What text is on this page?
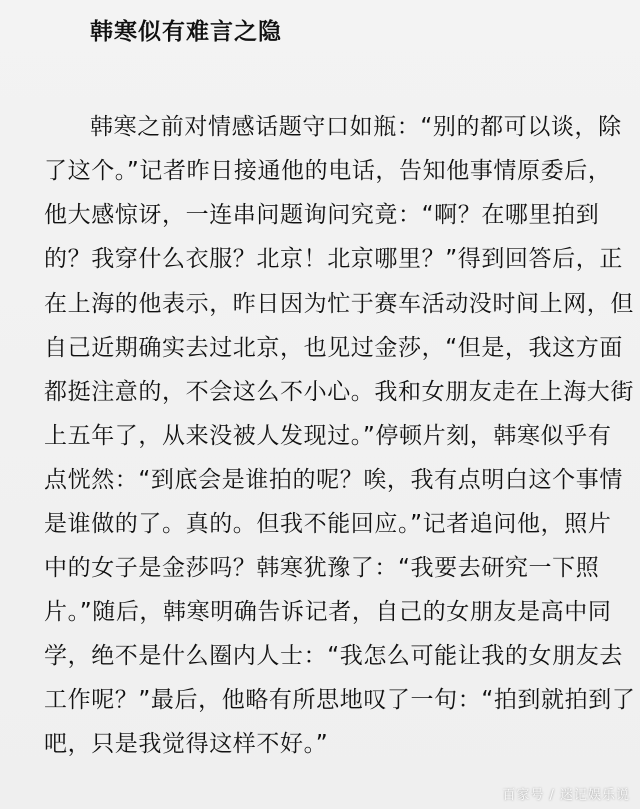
韩寒似有难言之隐
韩寒之前对情感话题守口如瓶：“别的都可以谈，除
了这个。”记者昨日接通他的电话，告知他事情原委后，
他大感惊讶，一连串问题询问究竟：“啊？在哪里拍到
的？我穿什么衣服？北京！北京哪里？”得到回答后，正
在上海的他表示，昨日因为忙于赛车活动没时间上网，但
自己近期确实去过北京，也见过金莎，“但是，我这方面
都挺注意的，不会这么不小心。我和女朋友走在上海大街
上五年了，从来没被人发现过。”停顿片刻，韩寒似乎有
点恍然：“到底会是谁拍的呢？唉，我有点明白这个事情
是谁做的了。真的。但我不能回应。”记者追问他，照片
中的女子是金莎吗？韩寒犹豫了：“我要去研究一下照
片。”随后，韩寒明确告诉记者，自己的女朋友是高中同
学，绝不是什么圈内人士：“我怎么可能让我的女朋友去
工作呢？”最后，他略有所思地叹了一句：“拍到就拍到了
吧，只是我觉得这样不好。”
百家号 / 迷记娱乐说
